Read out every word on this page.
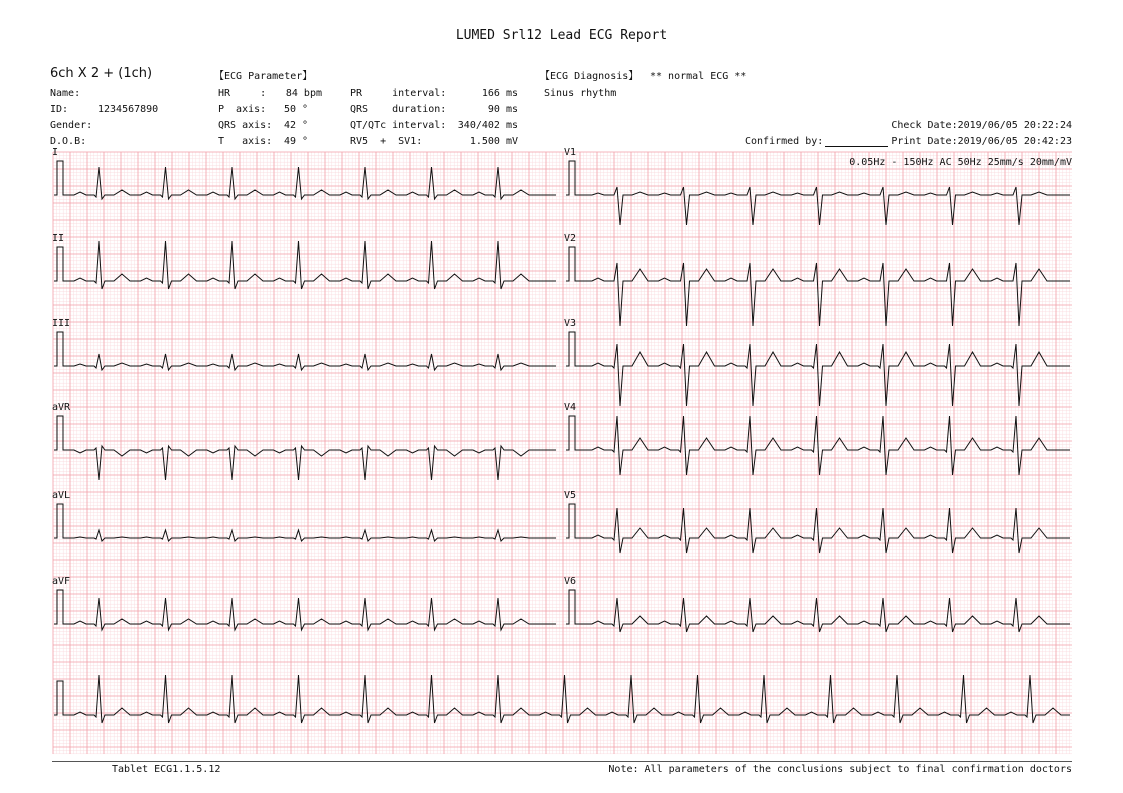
I
II
III
aVR
aVL
aVF
V1
V2
V3
V4
V5
V6
LUMED Srl12 Lead ECG Report
6ch X 2 + (1ch)
Name:
ID:	1234567890
Gender:
D.O.B:
【ECG Parameter】
HR     :	84 bpm
P  axis: 50 °
QRS axis: 42 °
T   axis: 49 °
PR     interval:	166 ms
QRS    duration:	90 ms
QT/QTc interval:	340/402 ms
RV5  +  SV1:	1.500 mV
【ECG Diagnosis】 ** normal ECG **
Sinus rhythm
Check Date:2019/06/05 20:22:24
Confirmed by:	Print Date:2019/06/05 20:42:23
0.05Hz - 150Hz AC 50Hz 25mm/s 20mm/mV
Tablet ECG1.1.5.12	Note: All parameters of the conclusions subject to final confirmation doctors
